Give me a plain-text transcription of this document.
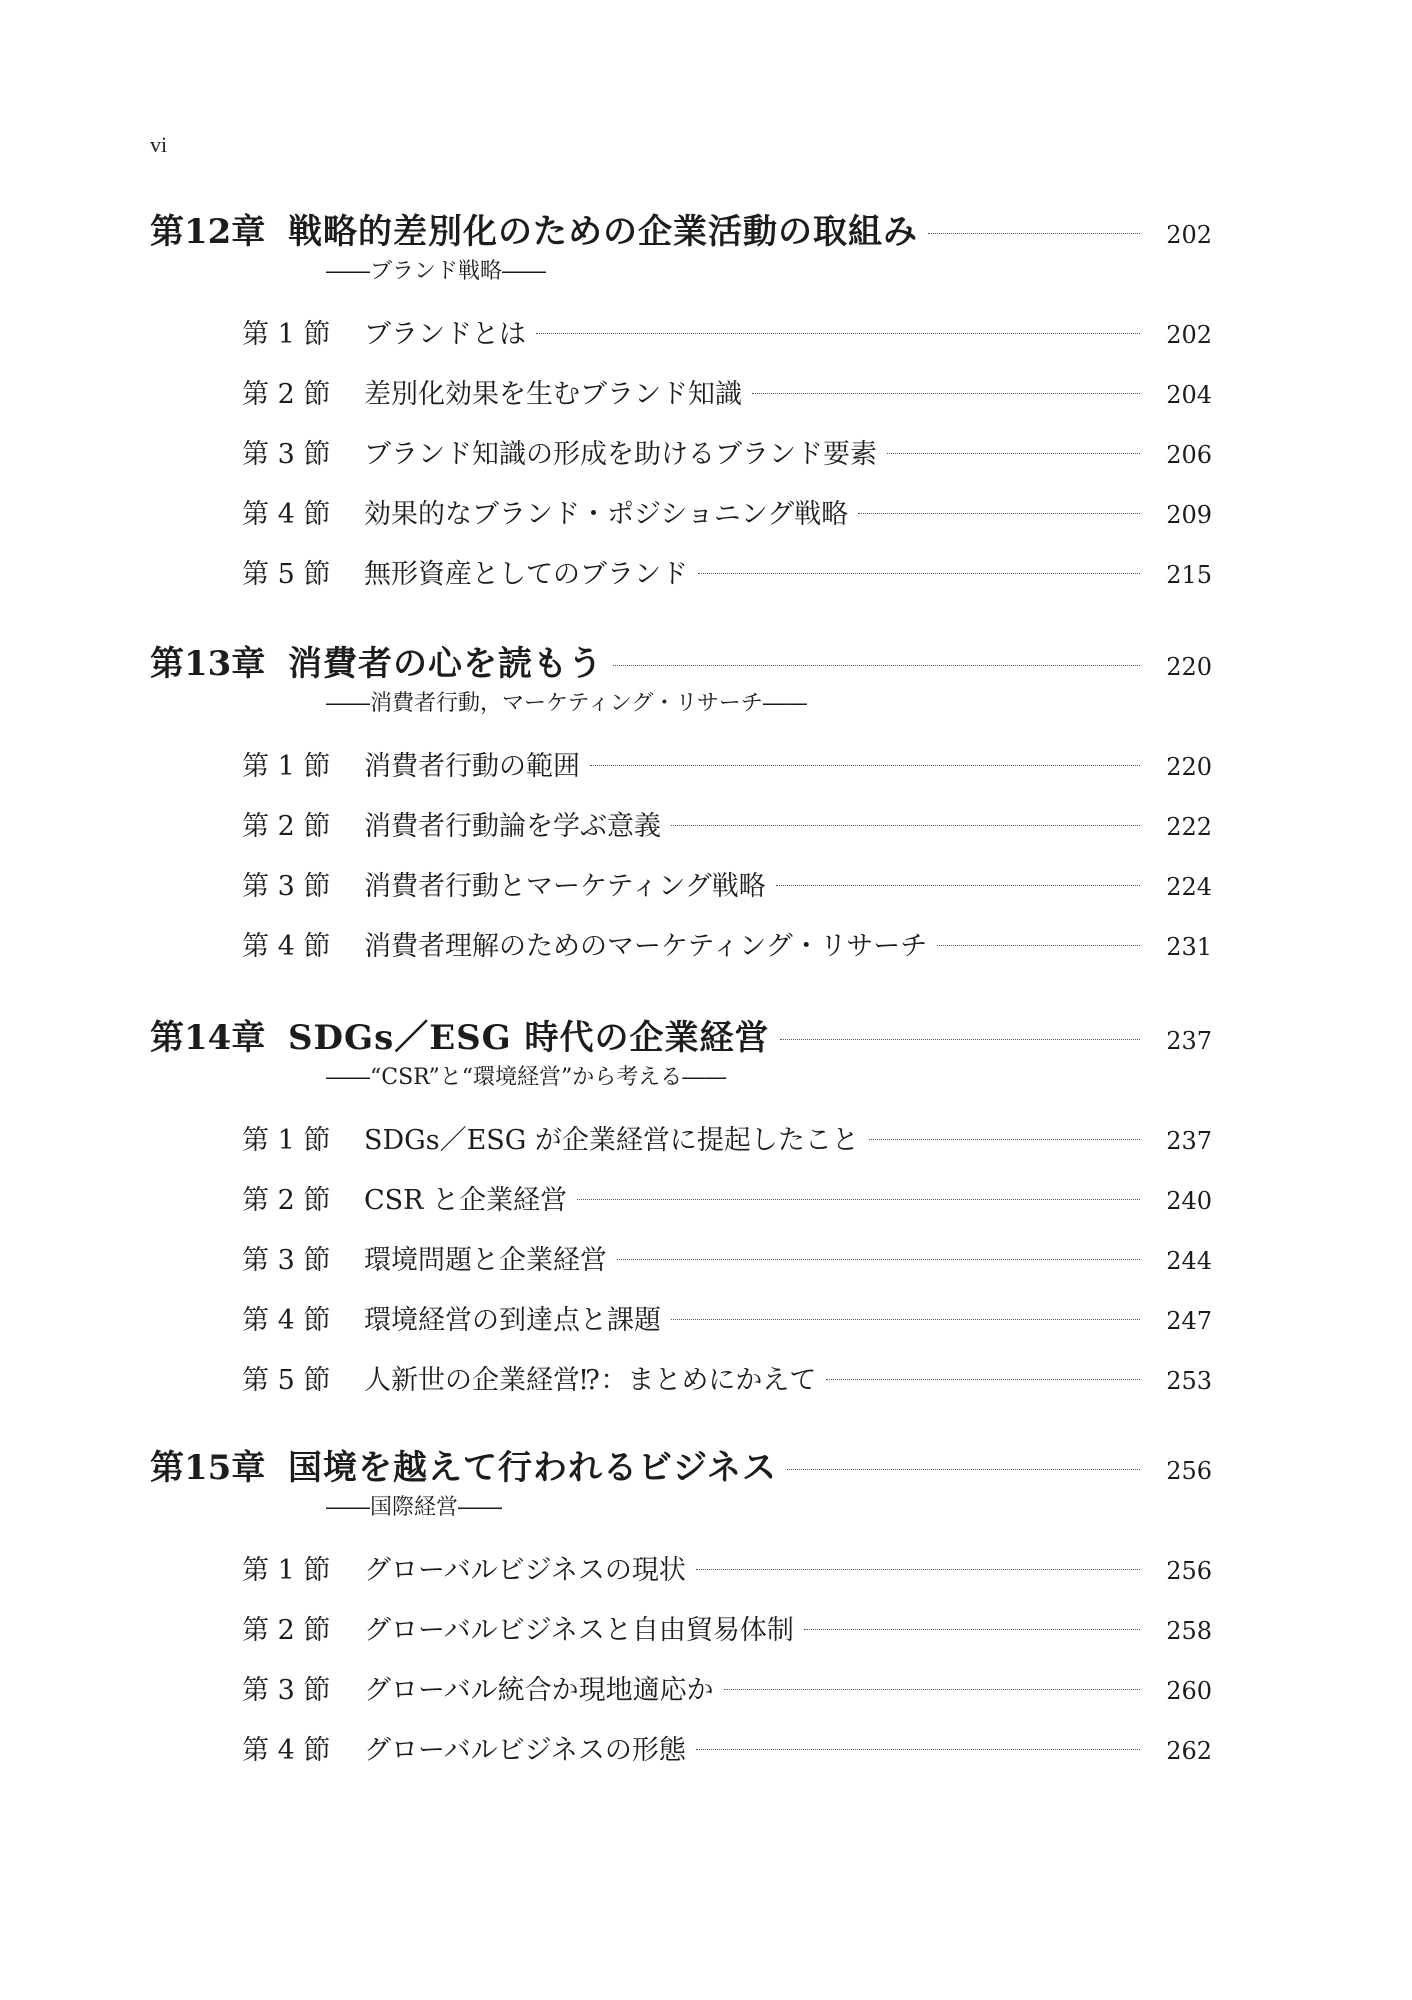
vi
第12章 戦略的差別化のための企業活動の取組み	202
――ブランド戦略――
第 1 節	ブランドとは	202
第 2 節	差別化効果を生むブランド知識	204
第 3 節	ブランド知識の形成を助けるブランド要素	206
第 4 節	効果的なブランド・ポジショニング戦略	209
第 5 節	無形資産としてのブランド	215
第13章 消費者の心を読もう	220
――消費者行動，マーケティング・リサーチ――
第 1 節	消費者行動の範囲	220
第 2 節	消費者行動論を学ぶ意義	222
第 3 節	消費者行動とマーケティング戦略	224
第 4 節	消費者理解のためのマーケティング・リサーチ	231
第14章 SDGs／ESG 時代の企業経営	237
――“CSR”と“環境経営”から考える――
第 1 節	SDGs／ESG が企業経営に提起したこと	237
第 2 節	CSR と企業経営	240
第 3 節	環境問題と企業経営	244
第 4 節	環境経営の到達点と課題	247
第 5 節	人新世の企業経営⁉：まとめにかえて	253
第15章 国境を越えて行われるビジネス	256
――国際経営――
第 1 節	グローバルビジネスの現状	256
第 2 節	グローバルビジネスと自由貿易体制	258
第 3 節	グローバル統合か現地適応か	260
第 4 節	グローバルビジネスの形態	262
